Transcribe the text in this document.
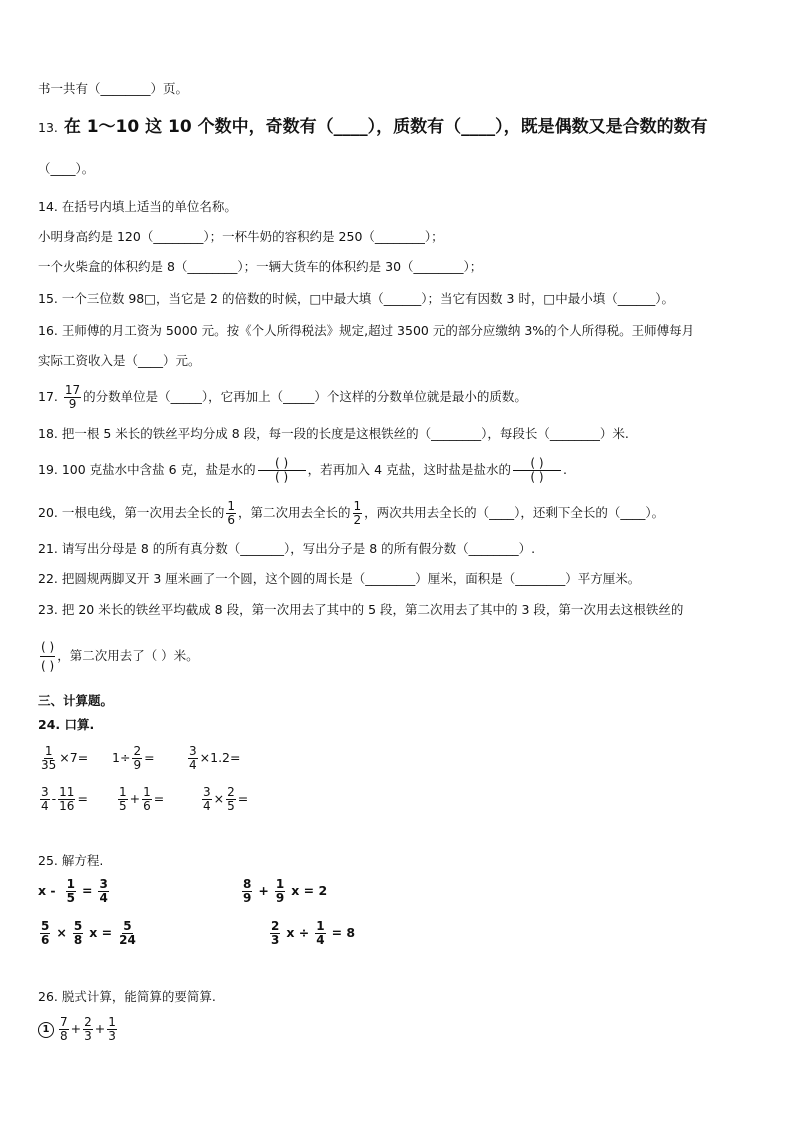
书一共有（________）页。
13. 在 1～10 这 10 个数中，奇数有（____），质数有（____），既是偶数又是合数的数有
（____）。
14. 在括号内填上适当的单位名称。
小明身高约是 120（________）；一杯牛奶的容积约是 250（________）；
一个火柴盒的体积约是 8（________）；一辆大货车的体积约是 30（________）；
15. 一个三位数 98□，当它是 2 的倍数的时候，□中最大填（______）；当它有因数 3 时，□中最小填（______）。
16. 王师傅的月工资为 5000 元。按《个人所得税法》规定,超过 3500 元的部分应缴纳 3%的个人所得税。王师傅每月
实际工资收入是（____）元。
17. $\frac{17}{9}$ 的分数单位是（_____），它再加上（_____）个这样的分数单位就是最小的质数。
18. 把一根 5 米长的铁丝平均分成 8 段，每一段的长度是这根铁丝的（________），每段长（________）米.
19. 100 克盐水中含盐 6 克，盐是水的 $\frac{( )}{( )}$ ，若再加入 4 克盐，这时盐是盐水的 $\frac{( )}{( )}$ .
20. 一根电线，第一次用去全长的 $\frac{1}{6}$ ，第二次用去全长的 $\frac{1}{2}$ ，两次共用去全长的（____），还剩下全长的（____）。
21. 请写出分母是 8 的所有真分数（_______），写出分子是 8 的所有假分数（________）.
22. 把圆规两脚叉开 3 厘米画了一个圆，这个圆的周长是（________）厘米，面积是（________）平方厘米。
23. 把 20 米长的铁丝平均截成 8 段，第一次用去了其中的 5 段，第二次用去了其中的 3 段，第一次用去这根铁丝的
$\frac{( )}{( )}$ ，第二次用去了（ ）米。
三、计算题。
24. 口算.
$\frac{1}{35} \times 7= 1\div \frac{2}{9}$ =	$\frac{3}{4} \times 1.2=$
$\frac{3}{4} - \frac{11}{16}$ =	$\frac{1}{5} + \frac{1}{6}$ =	$\frac{3}{4} \times \frac{2}{5}$ =
25. 解方程.
$x - \frac{1}{5} = \frac{3}{4}$	$\frac{8}{9} + \frac{1}{9}$ x = 2
$\frac{5}{6} \times \frac{5}{8}$ $x = \frac{5}{24}$	$\frac{2}{3}$ $x \div \frac{1}{4} = 8$
26. 脱式计算，能简算的要简算.
$1 \frac{7}{8} + \frac{2}{3} + \frac{1}{3}$
